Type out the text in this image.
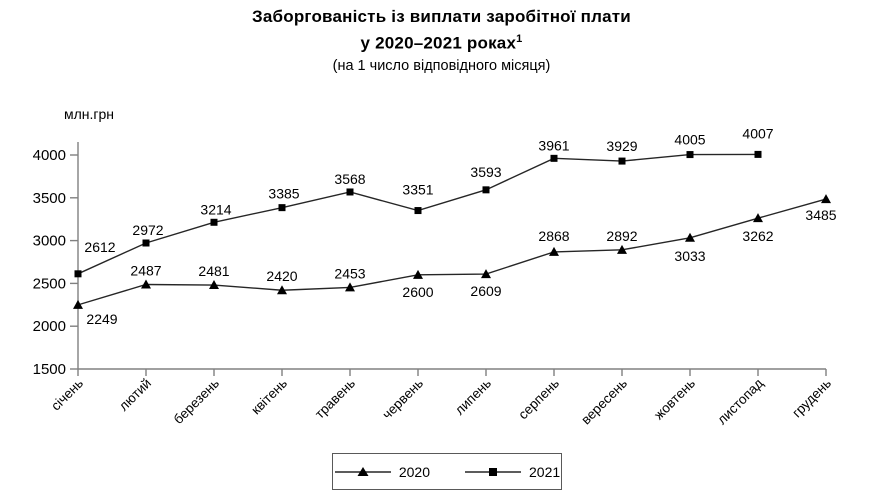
млн.грн
1500
2000
2500
3000
3500
4000
січень лютий березень квітень травень червень липень серпень вересень жовтень листопад грудень
2249
2487	2481	2420	2453
2600	2609
2868	2892
3033
3262
3485
2612
2972
3214
3385
3568
3351
3593
3961	3929	4005	4007
Заборгованість із виплати заробітної плати
у 2020–2021 роках$^1$
(на 1 число відповідного місяця)
2020	2021
